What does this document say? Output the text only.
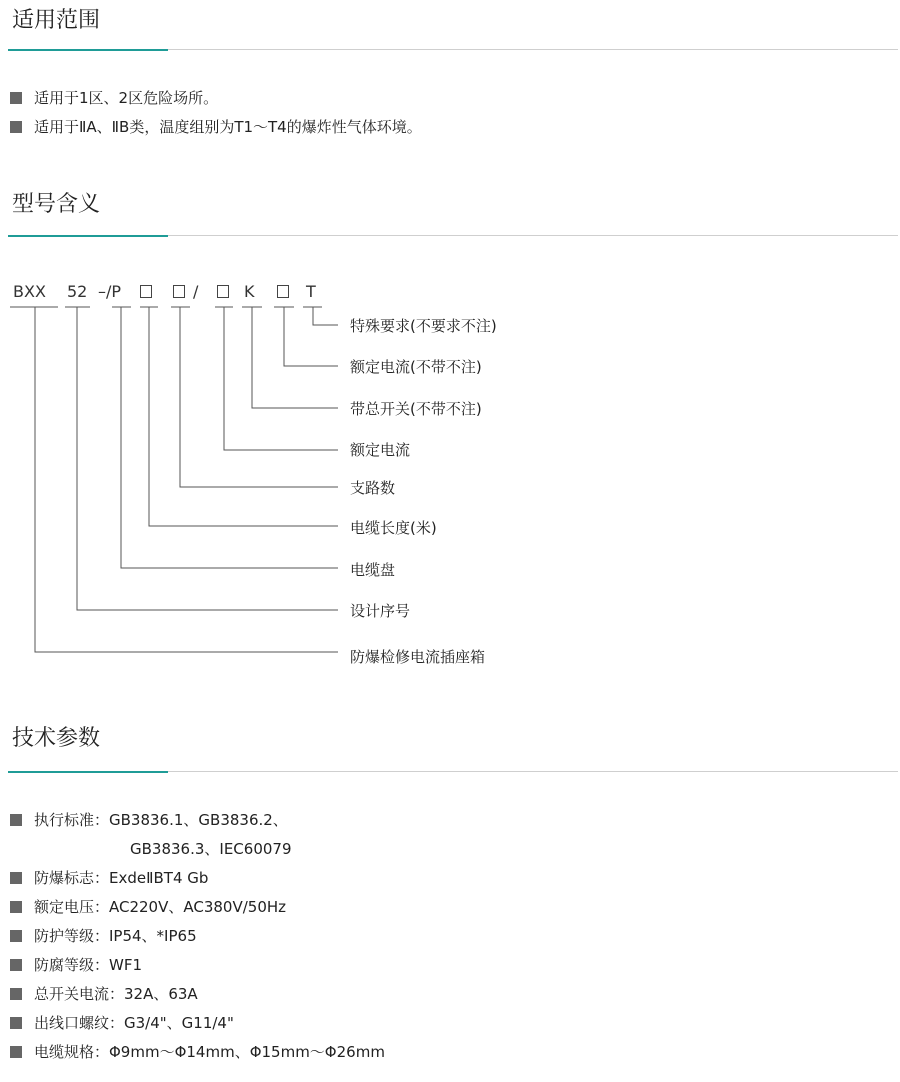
适用范围
适用于1区、2区危险场所。
适用于ⅡA、ⅡB类，温度组别为T1～T4的爆炸性气体环境。
型号含义
BXX 52 –/P	/	K	T
特殊要求(不要求不注)
额定电流(不带不注)
带总开关(不带不注)
额定电流
支路数
电缆长度(米)
电缆盘
设计序号
防爆检修电流插座箱
技术参数
执行标准：GB3836.1、GB3836.2、
GB3836.3、IEC60079
防爆标志：ExdeⅡBT4 Gb
额定电压：AC220V、AC380V/50Hz
防护等级：IP54、*IP65
防腐等级：WF1
总开关电流：32A、63A
出线口螺纹：G3/4"、G11/4"
电缆规格：Φ9mm～Φ14mm、Φ15mm～Φ26mm
